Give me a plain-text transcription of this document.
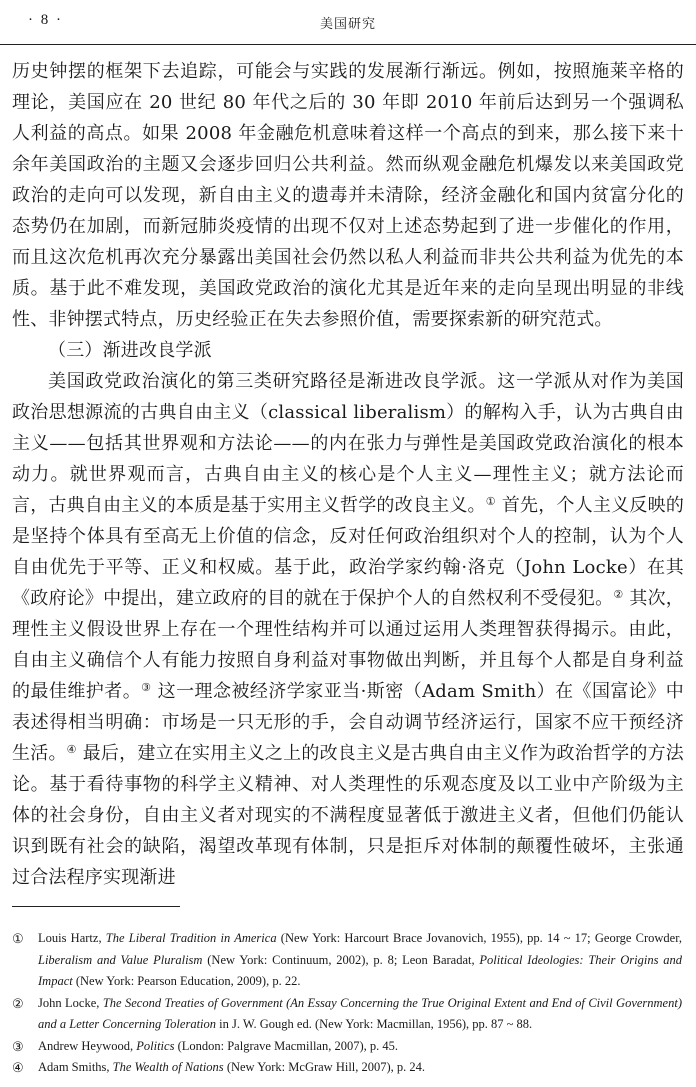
· 8 ·	美国研究

历史钟摆的框架下去追踪，可能会与实践的发展渐行渐远。例如，按照施莱辛格的理论，美国应在 20 世纪 80 年代之后的 30 年即 2010 年前后达到另一个强调私人利益的高点。如果 2008 年金融危机意味着这样一个高点的到来，那么接下来十余年美国政治的主题又会逐步回归公共利益。然而纵观金融危机爆发以来美国政党政治的走向可以发现，新自由主义的遗毒并未清除，经济金融化和国内贫富分化的态势仍在加剧，而新冠肺炎疫情的出现不仅对上述态势起到了进一步催化的作用，而且这次危机再次充分暴露出美国社会仍然以私人利益而非共公共利益为优先的本质。基于此不难发现，美国政党政治的演化尤其是近年来的走向呈现出明显的非线性、非钟摆式特点，历史经验正在失去参照价值，需要探索新的研究范式。

（三）渐进改良学派

美国政党政治演化的第三类研究路径是渐进改良学派。这一学派从对作为美国政治思想源流的古典自由主义（classical liberalism）的解构入手，认为古典自由主义——包括其世界观和方法论——的内在张力与弹性是美国政党政治演化的根本动力。就世界观而言，古典自由主义的核心是个人主义—理性主义；就方法论而言，古典自由主义的本质是基于实用主义哲学的改良主义。① 首先，个人主义反映的是坚持个体具有至高无上价值的信念，反对任何政治组织对个人的控制，认为个人自由优先于平等、正义和权威。基于此，政治学家约翰·洛克（John Locke）在其《政府论》中提出，建立政府的目的就在于保护个人的自然权利不受侵犯。② 其次，理性主义假设世界上存在一个理性结构并可以通过运用人类理智获得揭示。由此，自由主义确信个人有能力按照自身利益对事物做出判断，并且每个人都是自身利益的最佳维护者。③ 这一理念被经济学家亚当·斯密（Adam Smith）在《国富论》中表述得相当明确：市场是一只无形的手，会自动调节经济运行，国家不应干预经济生活。④ 最后，建立在实用主义之上的改良主义是古典自由主义作为政治哲学的方法论。基于看待事物的科学主义精神、对人类理性的乐观态度及以工业中产阶级为主体的社会身份，自由主义者对现实的不满程度显著低于激进主义者，但他们仍能认识到既有社会的缺陷，渴望改革现有体制，只是拒斥对体制的颠覆性破坏，主张通过合法程序实现渐进

①	Louis Hartz, The Liberal Tradition in America (New York: Harcourt Brace Jovanovich, 1955), pp. 14 ~ 17; George Crowder, Liberalism and Value Pluralism (New York: Continuum, 2002), p. 8; Leon Baradat, Political Ideologies: Their Origins and Impact (New York: Pearson Education, 2009), p. 22.
②	John Locke, The Second Treaties of Government (An Essay Concerning the True Original Extent and End of Civil Government) and a Letter Concerning Toleration in J. W. Gough ed. (New York: Macmillan, 1956), pp. 87 ~ 88.
③	Andrew Heywood, Politics (London: Palgrave Macmillan, 2007), p. 45.
④	Adam Smiths, The Wealth of Nations (New York: McGraw Hill, 2007), p. 24.
